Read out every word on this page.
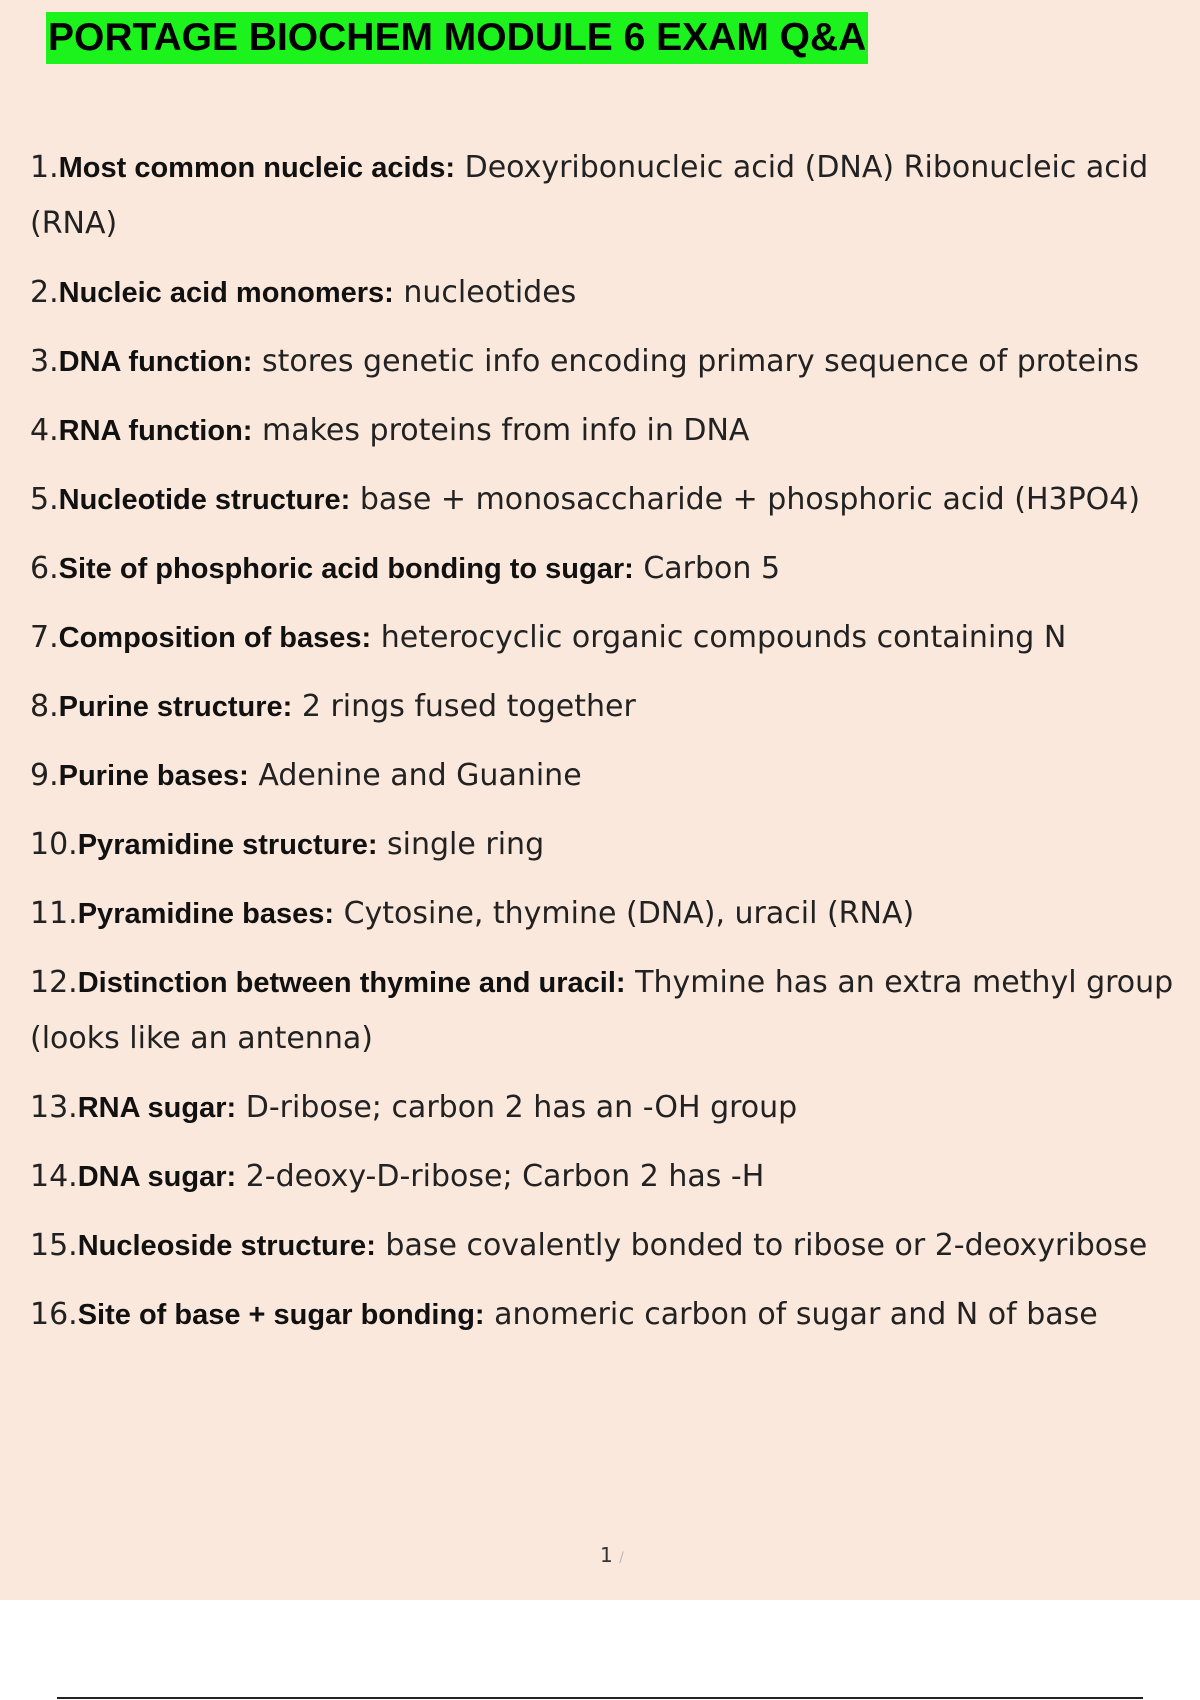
PORTAGE BIOCHEM MODULE 6 EXAM Q&A
1.Most common nucleic acids: Deoxyribonucleic acid (DNA) Ribonucleic acid (RNA)
2.Nucleic acid monomers: nucleotides
3.DNA function: stores genetic info encoding primary sequence of proteins
4.RNA function: makes proteins from info in DNA
5.Nucleotide structure: base + monosaccharide + phosphoric acid (H3PO4)
6.Site of phosphoric acid bonding to sugar: Carbon 5
7.Composition of bases: heterocyclic organic compounds containing N
8.Purine structure: 2 rings fused together
9.Purine bases: Adenine and Guanine
10.Pyramidine structure: single ring
11.Pyramidine bases: Cytosine, thymine (DNA), uracil (RNA)
12.Distinction between thymine and uracil: Thymine has an extra methyl group (looks like an antenna)
13.RNA sugar: D-ribose; carbon 2 has an -OH group
14.DNA sugar: 2-deoxy-D-ribose; Carbon 2 has -H
15.Nucleoside structure: base covalently bonded to ribose or 2-deoxyribose
16.Site of base + sugar bonding: anomeric carbon of sugar and N of base
1 /
